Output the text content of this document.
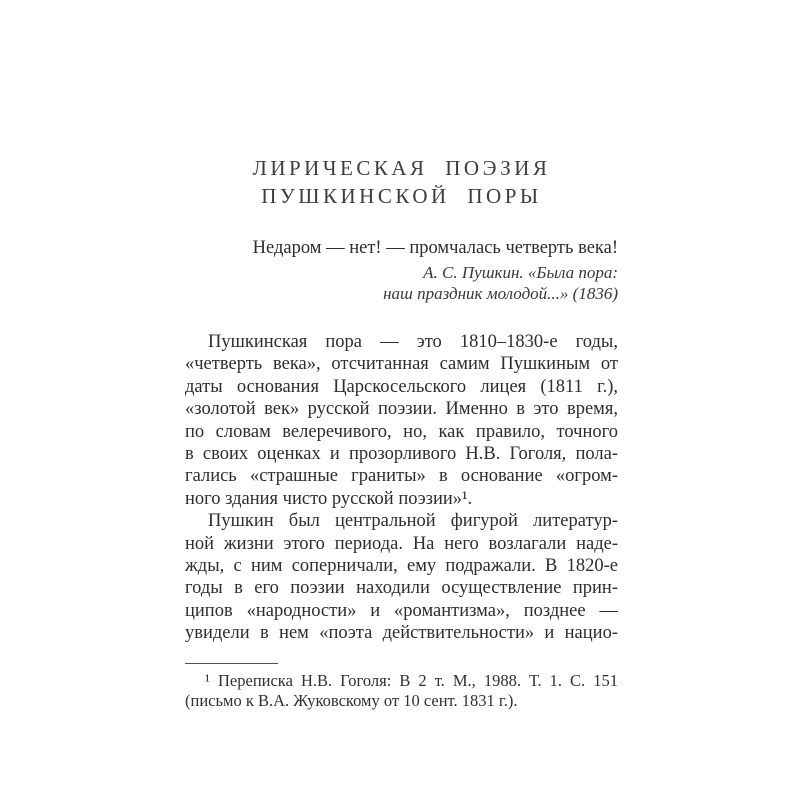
ЛИРИЧЕСКАЯ ПОЭЗИЯ
ПУШКИНСКОЙ ПОРЫ
Недаром — нет! — промчалась четверть века!
А. С. Пушкин. «Была пора:
наш праздник молодой...» (1836)
Пушкинская пора — это 1810–1830-е годы,
«четверть века», отсчитанная самим Пушкиным от
даты основания Царскосельского лицея (1811 г.),
«золотой век» русской поэзии. Именно в это время,
по словам велеречивого, но, как правило, точного
в своих оценках и прозорливого Н.В. Гоголя, пола-
гались «страшные граниты» в основание «огром-
ного здания чисто русской поэзии»¹.
Пушкин был центральной фигурой литератур-
ной жизни этого периода. На него возлагали наде-
жды, с ним соперничали, ему подражали. В 1820-е
годы в его поэзии находили осуществление прин-
ципов «народности» и «романтизма», позднее —
увидели в нем «поэта действительности» и нацио-
¹ Переписка Н.В. Гоголя: В 2 т. М., 1988. Т. 1. С. 151
(письмо к В.А. Жуковскому от 10 сент. 1831 г.).
